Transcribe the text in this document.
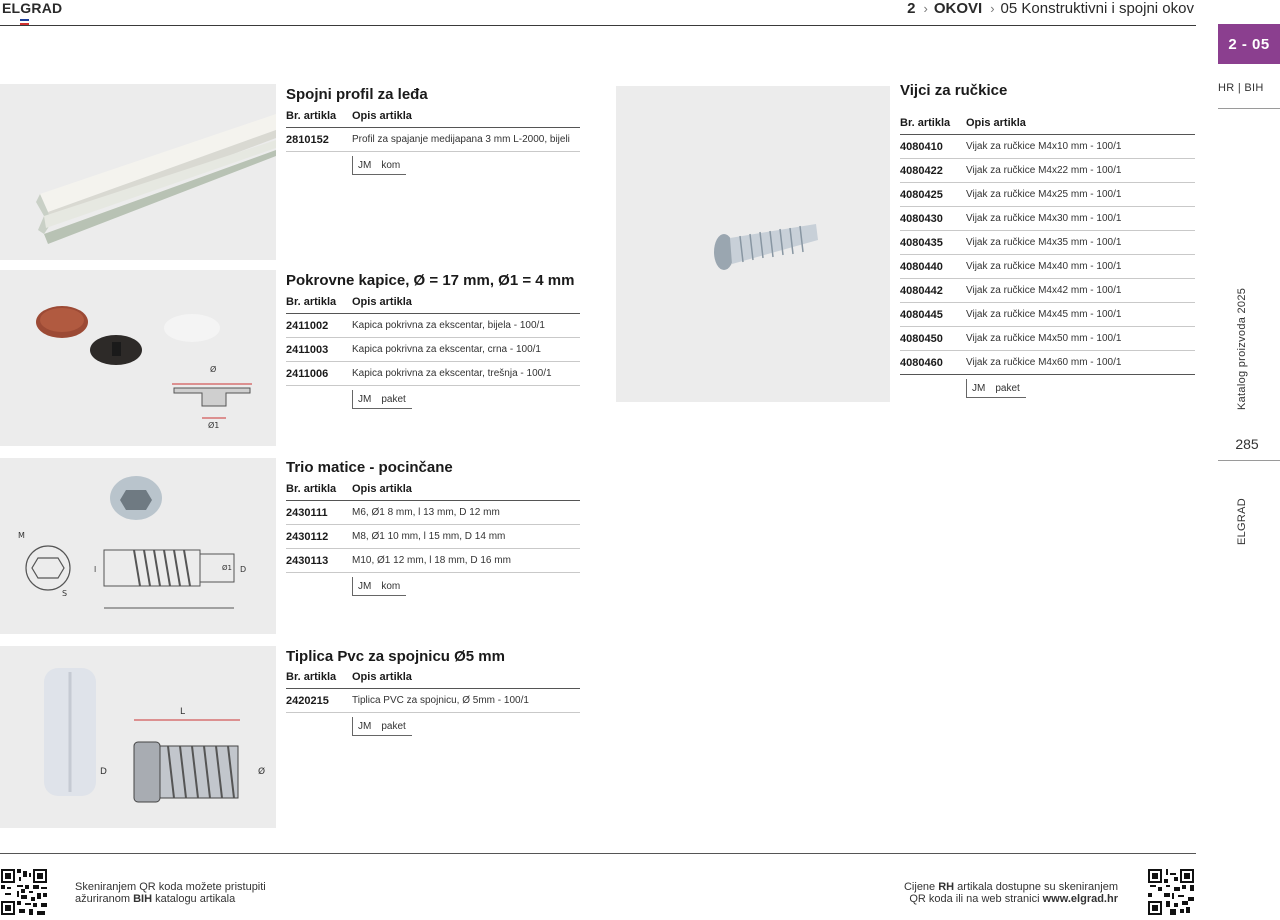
ELGRAD	2 › OKOVI › 05 Konstruktivni i spojni okov
2 - 05
HR | BIH
Katalog proizvoda 2025
285
ELGRAD
Ø
Ø1
M
S
l	D
Ø1
L
D	Ø
Spojni profil za leđa
Br. artikla	Opis artikla
2810152	Profil za spajanje medijapana 3 mm L-2000, bijeli
JM kom
Pokrovne kapice, Ø = 17 mm, Ø1 = 4 mm
Br. artikla	Opis artikla
2411002	Kapica pokrivna za ekscentar, bijela - 100/1
2411003	Kapica pokrivna za ekscentar, crna - 100/1
2411006	Kapica pokrivna za ekscentar, trešnja - 100/1
JM paket
Trio matice - pocinčane
Br. artikla	Opis artikla
2430111	M6, Ø1 8 mm, l 13 mm, D 12 mm
2430112	M8, Ø1 10 mm, l 15 mm, D 14 mm
2430113	M10, Ø1 12 mm, l 18 mm, D 16 mm
JM kom
Tiplica Pvc za spojnicu Ø5 mm
Br. artikla	Opis artikla
2420215	Tiplica PVC za spojnicu, Ø 5mm - 100/1
JM paket
Vijci za ručkice
Br. artikla	Opis artikla
4080410	Vijak za ručkice M4x10 mm - 100/1
4080422	Vijak za ručkice M4x22 mm - 100/1
4080425	Vijak za ručkice M4x25 mm - 100/1
4080430	Vijak za ručkice M4x30 mm - 100/1
4080435	Vijak za ručkice M4x35 mm - 100/1
4080440	Vijak za ručkice M4x40 mm - 100/1
4080442	Vijak za ručkice M4x42 mm - 100/1
4080445	Vijak za ručkice M4x45 mm - 100/1
4080450	Vijak za ručkice M4x50 mm - 100/1
4080460	Vijak za ručkice M4x60 mm - 100/1
JM paket
Skeniranjem QR koda možete pristupiti
ažuriranom BIH katalogu artikala
Cijene RH artikala dostupne su skeniranjem
QR koda ili na web stranici www.elgrad.hr
